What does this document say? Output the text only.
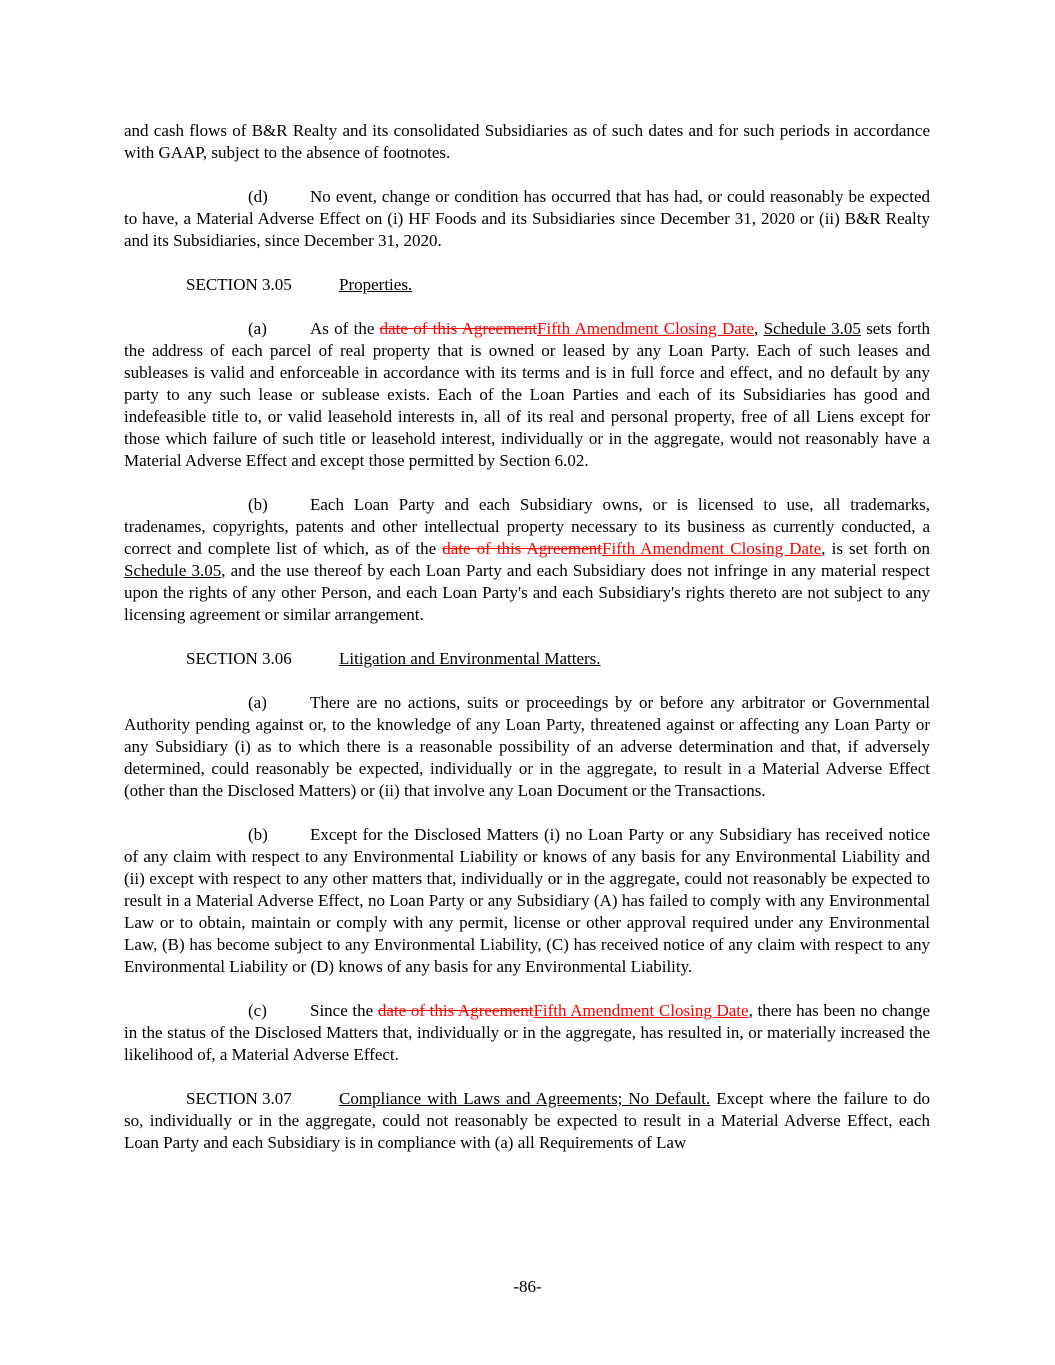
and cash flows of B&R Realty and its consolidated Subsidiaries as of such dates and for such periods in accordance with GAAP, subject to the absence of footnotes.

(d) No event, change or condition has occurred that has had, or could reasonably be expected to have, a Material Adverse Effect on (i) HF Foods and its Subsidiaries since December 31, 2020 or (ii) B&R Realty and its Subsidiaries, since December 31, 2020.

SECTION 3.05	Properties.

(a)	As of the date of this AgreementFifth Amendment Closing Date, Schedule 3.05 sets forth the address of each parcel of real property that is owned or leased by any Loan Party. Each of such leases and subleases is valid and enforceable in accordance with its terms and is in full force and effect, and no default by any party to any such lease or sublease exists. Each of the Loan Parties and each of its Subsidiaries has good and indefeasible title to, or valid leasehold interests in, all of its real and personal property, free of all Liens except for those which failure of such title or leasehold interest, individually or in the aggregate, would not reasonably have a Material Adverse Effect and except those permitted by Section 6.02.

(b) Each Loan Party and each Subsidiary owns, or is licensed to use, all trademarks, tradenames, copyrights, patents and other intellectual property necessary to its business as currently conducted, a correct and complete list of which, as of the date of this AgreementFifth Amendment Closing Date, is set forth on Schedule 3.05, and the use thereof by each Loan Party and each Subsidiary does not infringe in any material respect upon the rights of any other Person, and each Loan Party's and each Subsidiary's rights thereto are not subject to any licensing agreement or similar arrangement.

SECTION 3.06	Litigation and Environmental Matters.

(a)	There are no actions, suits or proceedings by or before any arbitrator or Governmental Authority pending against or, to the knowledge of any Loan Party, threatened against or affecting any Loan Party or any Subsidiary (i) as to which there is a reasonable possibility of an adverse determination and that, if adversely determined, could reasonably be expected, individually or in the aggregate, to result in a Material Adverse Effect (other than the Disclosed Matters) or (ii) that involve any Loan Document or the Transactions.

(b) Except for the Disclosed Matters (i) no Loan Party or any Subsidiary has received notice of any claim with respect to any Environmental Liability or knows of any basis for any Environmental Liability and (ii) except with respect to any other matters that, individually or in the aggregate, could not reasonably be expected to result in a Material Adverse Effect, no Loan Party or any Subsidiary (A) has failed to comply with any Environmental Law or to obtain, maintain or comply with any permit, license or other approval required under any Environmental Law, (B) has become subject to any Environmental Liability, (C) has received notice of any claim with respect to any Environmental Liability or (D) knows of any basis for any Environmental Liability.

(c)	Since the date of this AgreementFifth Amendment Closing Date, there has been no change in the status of the Disclosed Matters that, individually or in the aggregate, has resulted in, or materially increased the likelihood of, a Material Adverse Effect.

SECTION 3.07	Compliance with Laws and Agreements; No Default. Except where the failure to do so, individually or in the aggregate, could not reasonably be expected to result in a Material Adverse Effect, each Loan Party and each Subsidiary is in compliance with (a) all Requirements of Law

-86-
